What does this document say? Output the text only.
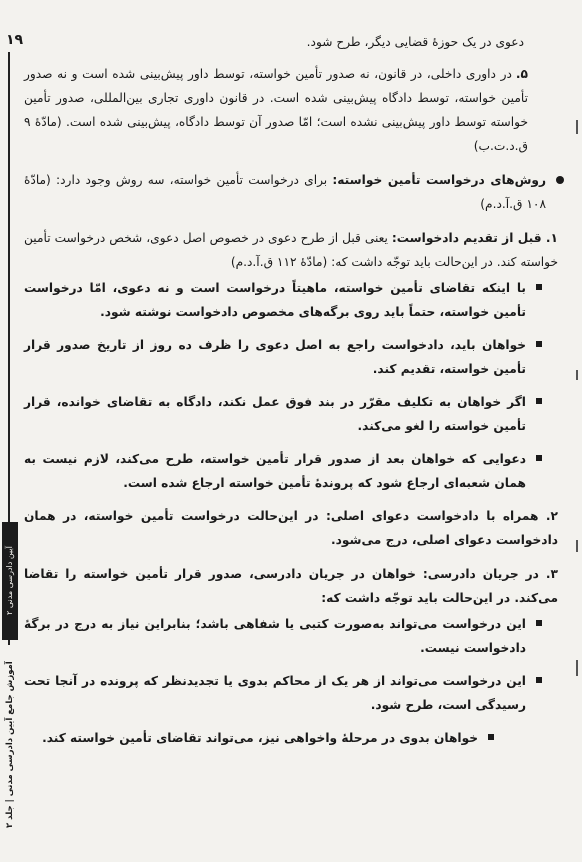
۱۹
آیین دادرسی مدنی ۲
آموزش جامع آیین دادرسی مدنی | جلد ۲

دعوی در یک حوزهٔ قضایی دیگر، طرح شود.

۵.در داوری داخلی، در قانون، نه صدور تأمین خواسته، توسط داور پیش‌بینی شده است و نه صدور تأمین خواسته، توسط دادگاه پیش‌بینی شده است. در قانون داوری تجاری بین‌المللی، صدور تأمین خواسته توسط داور پیش‌بینی نشده است؛ امّا صدور آن توسط دادگاه، پیش‌بینی شده است. (مادّهٔ ۹ ق.د.ت.ب)

روش‌های درخواست تأمین خواسته: برای درخواست تأمین خواسته، سه روش وجود دارد: (مادّهٔ ۱۰۸ ق.آ.د.م)

۱. قبل از تقدیم دادخواست: یعنی قبل از طرح دعوی در خصوص اصل دعوی، شخص درخواست تأمین خواسته کند. در این‌حالت باید توجّه داشت که: (مادّهٔ ۱۱۲ ق.آ.د.م)

با اینکه تقاضای تأمین خواسته، ماهیتاً درخواست است و نه دعوی، امّا درخواست تأمین خواسته، حتماً باید روی برگه‌های مخصوص دادخواست نوشته شود.
خواهان باید، دادخواست راجع به اصل دعوی را ظرف ده روز از تاریخ صدور قرار تأمین خواسته، تقدیم کند.
اگر خواهان به تکلیف مقرّر در بند فوق عمل نکند، دادگاه به تقاضای خوانده، قرار تأمین خواسته را لغو می‌کند.
دعوایی که خواهان بعد از صدور قرار تأمین خواسته، طرح می‌کند، لازم نیست به همان شعبه‌ای ارجاع شود که پروندهٔ تأمین خواسته ارجاع شده است.

۲. همراه با دادخواست دعوای اصلی: در این‌حالت درخواست تأمین خواسته، در همان دادخواست دعوای اصلی، درج می‌شود.

۳. در جریان دادرسی: خواهان در جریان دادرسی، صدور قرار تأمین خواسته را تقاضا می‌کند. در این‌حالت باید توجّه داشت که:

این درخواست می‌تواند به‌صورت کتبی یا شفاهی باشد؛ بنابراین نیاز به درج در برگهٔ دادخواست نیست.
این درخواست می‌تواند از هر یک از محاکم بدوی یا تجدیدنظر که پرونده در آنجا تحت رسیدگی است، طرح شود.
خواهان بدوی در مرحلهٔ واخواهی نیز، می‌تواند تقاضای تأمین خواسته کند.
